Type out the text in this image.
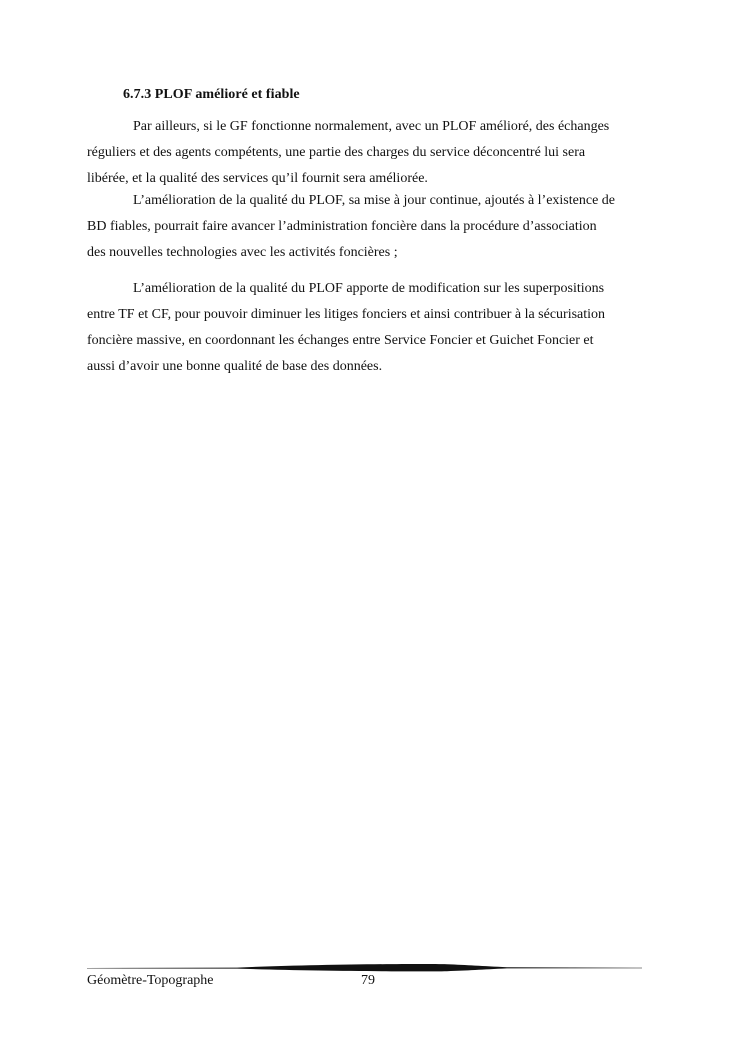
6.7.3 PLOF amélioré et fiable

Par ailleurs, si le GF fonctionne normalement, avec un PLOF amélioré, des échanges
réguliers et des agents compétents, une partie des charges du service déconcentré lui sera
libérée, et la qualité des services qu’il fournit sera améliorée.

L’amélioration de la qualité du PLOF, sa mise à jour continue, ajoutés à l’existence de
BD fiables, pourrait faire avancer l’administration foncière dans la procédure d’association
des nouvelles technologies avec les activités foncières ;

L’amélioration de la qualité du PLOF apporte de modification sur les superpositions
entre TF et CF, pour pouvoir diminuer les litiges fonciers et ainsi contribuer à la sécurisation
foncière massive, en coordonnant les échanges entre Service Foncier et Guichet Foncier et
aussi d’avoir une bonne qualité de base des données.

Géomètre-Topographe	79
